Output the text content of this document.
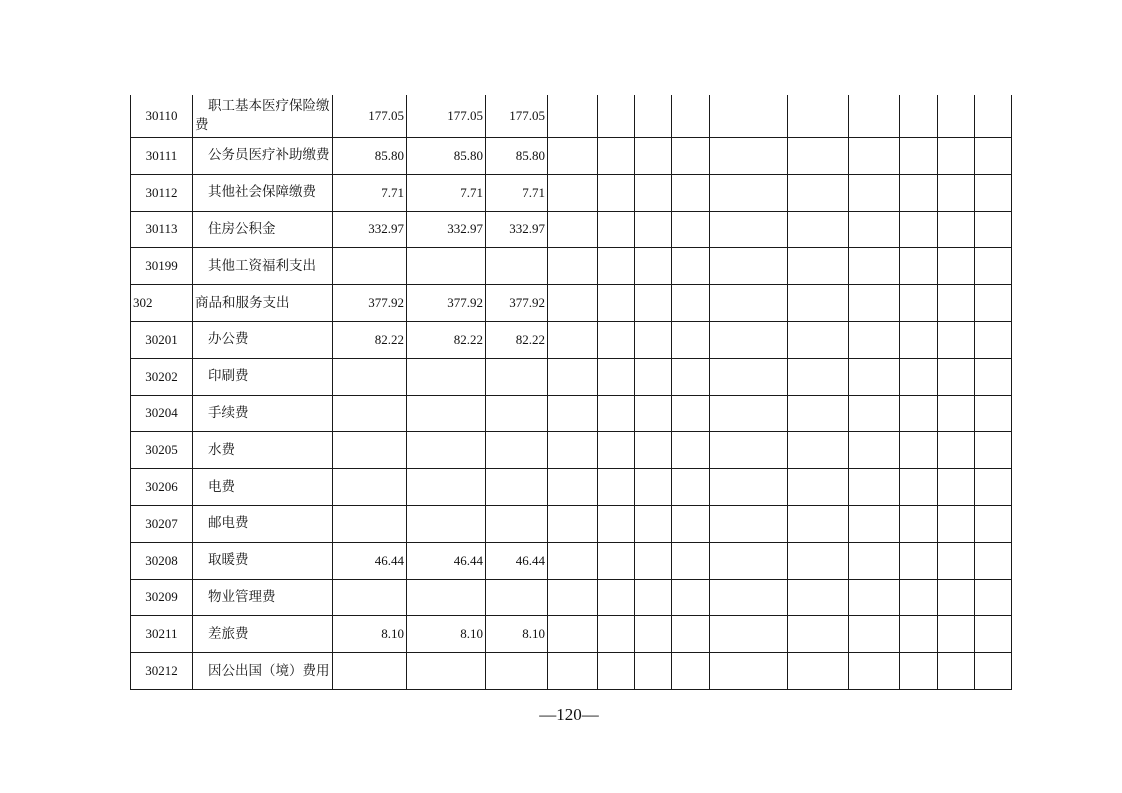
30110	职工基本医疗保险缴费	177.05	177.05	177.05										
30111	公务员医疗补助缴费	85.80	85.80	85.80										
30112	其他社会保障缴费	7.71	7.71	7.71										
30113	住房公积金	332.97	332.97	332.97										
30199	其他工资福利支出													
302	商品和服务支出	377.92	377.92	377.92										
30201	办公费	82.22	82.22	82.22										
30202	印刷费													
30204	手续费													
30205	水费													
30206	电费													
30207	邮电费													
30208	取暖费	46.44	46.44	46.44										
30209	物业管理费													
30211	差旅费	8.10	8.10	8.10										
30212	因公出国（境）费用													
—120—
